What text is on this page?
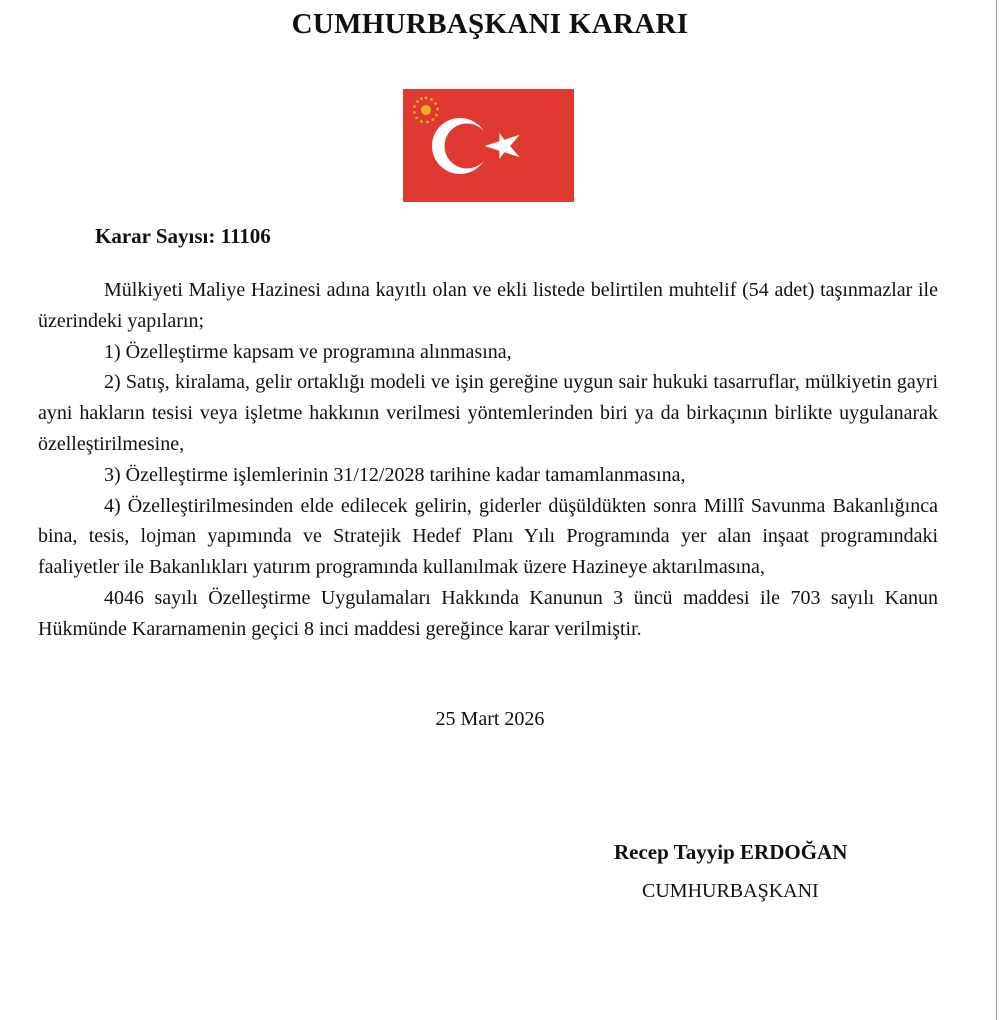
CUMHURBAŞKANI KARARI
Karar Sayısı: 11106

Mülkiyeti Maliye Hazinesi adına kayıtlı olan ve ekli listede belirtilen muhtelif (54 adet) taşınmazlar ile üzerindeki yapıların;

1) Özelleştirme kapsam ve programına alınmasına,

2) Satış, kiralama, gelir ortaklığı modeli ve işin gereğine uygun sair hukuki tasarruflar, mülkiyetin gayri ayni hakların tesisi veya işletme hakkının verilmesi yöntemlerinden biri ya da birkaçının birlikte uygulanarak özelleştirilmesine,

3) Özelleştirme işlemlerinin 31/12/2028 tarihine kadar tamamlanmasına,

4) Özelleştirilmesinden elde edilecek gelirin, giderler düşüldükten sonra Millî Savunma Bakanlığınca bina, tesis, lojman yapımında ve Stratejik Hedef Planı Yılı Programında yer alan inşaat programındaki faaliyetler ile Bakanlıkları yatırım programında kullanılmak üzere Hazineye aktarılmasına,

4046 sayılı Özelleştirme Uygulamaları Hakkında Kanunun 3 üncü maddesi ile 703 sayılı Kanun Hükmünde Kararnamenin geçici 8 inci maddesi gereğince karar verilmiştir.

25 Mart 2026
Recep Tayyip ERDOĞAN
CUMHURBAŞKANI
